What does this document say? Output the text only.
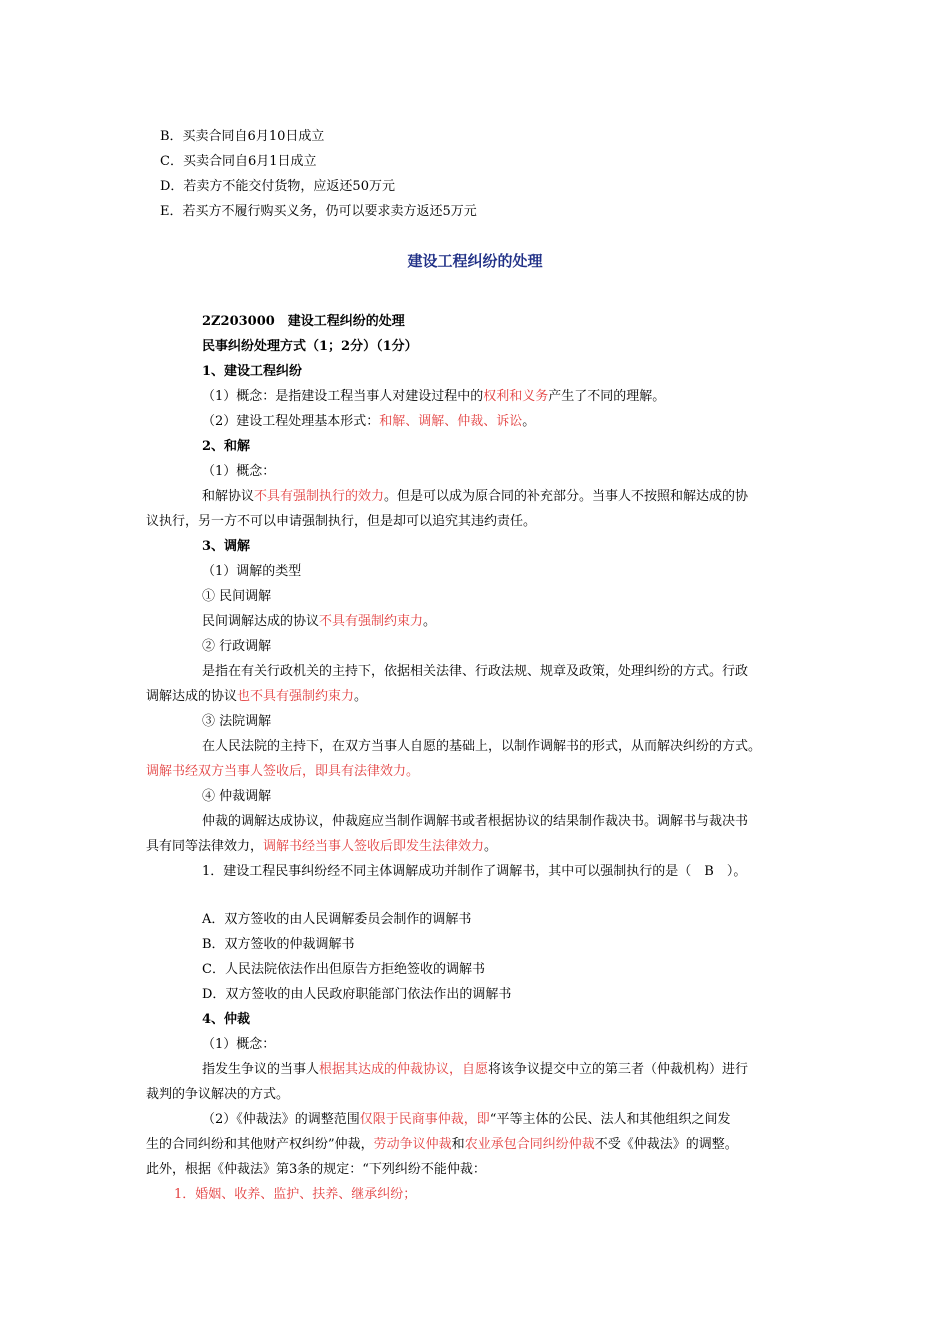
B．买卖合同自6月10日成立
C．买卖合同自6月1日成立
D．若卖方不能交付货物，应返还50万元
E．若买方不履行购买义务，仍可以要求卖方返还5万元
建设工程纠纷的处理
2Z203000　建设工程纠纷的处理
民事纠纷处理方式（1；2分）（1分）
1、建设工程纠纷
（1）概念：是指建设工程当事人对建设过程中的权利和义务产生了不同的理解。
（2）建设工程处理基本形式：和解、调解、仲裁、诉讼。
2、和解
（1）概念：
和解协议不具有强制执行的效力。但是可以成为原合同的补充部分。当事人不按照和解达成的协
议执行，另一方不可以申请强制执行，但是却可以追究其违约责任。
3、调解
（1）调解的类型
① 民间调解
民间调解达成的协议不具有强制约束力。
② 行政调解
是指在有关行政机关的主持下，依据相关法律、行政法规、规章及政策，处理纠纷的方式。行政
调解达成的协议也不具有强制约束力。
③ 法院调解
在人民法院的主持下，在双方当事人自愿的基础上，以制作调解书的形式，从而解决纠纷的方式。
调解书经双方当事人签收后，即具有法律效力。
④ 仲裁调解
仲裁的调解达成协议，仲裁庭应当制作调解书或者根据协议的结果制作裁决书。调解书与裁决书
具有同等法律效力，调解书经当事人签收后即发生法律效力。
1．建设工程民事纠纷经不同主体调解成功并制作了调解书，其中可以强制执行的是（　B　）。
A．双方签收的由人民调解委员会制作的调解书
B．双方签收的仲裁调解书
C．人民法院依法作出但原告方拒绝签收的调解书
D．双方签收的由人民政府职能部门依法作出的调解书
4、仲裁
（1）概念：
指发生争议的当事人根据其达成的仲裁协议，自愿将该争议提交中立的第三者（仲裁机构）进行
裁判的争议解决的方式。
（2）《仲裁法》的调整范围仅限于民商事仲裁，即“平等主体的公民、法人和其他组织之间发
生的合同纠纷和其他财产权纠纷”仲裁，劳动争议仲裁和农业承包合同纠纷仲裁不受《仲裁法》的调整。
此外，根据《仲裁法》第3条的规定：“下列纠纷不能仲裁：
1．婚姻、收养、监护、扶养、继承纠纷；
